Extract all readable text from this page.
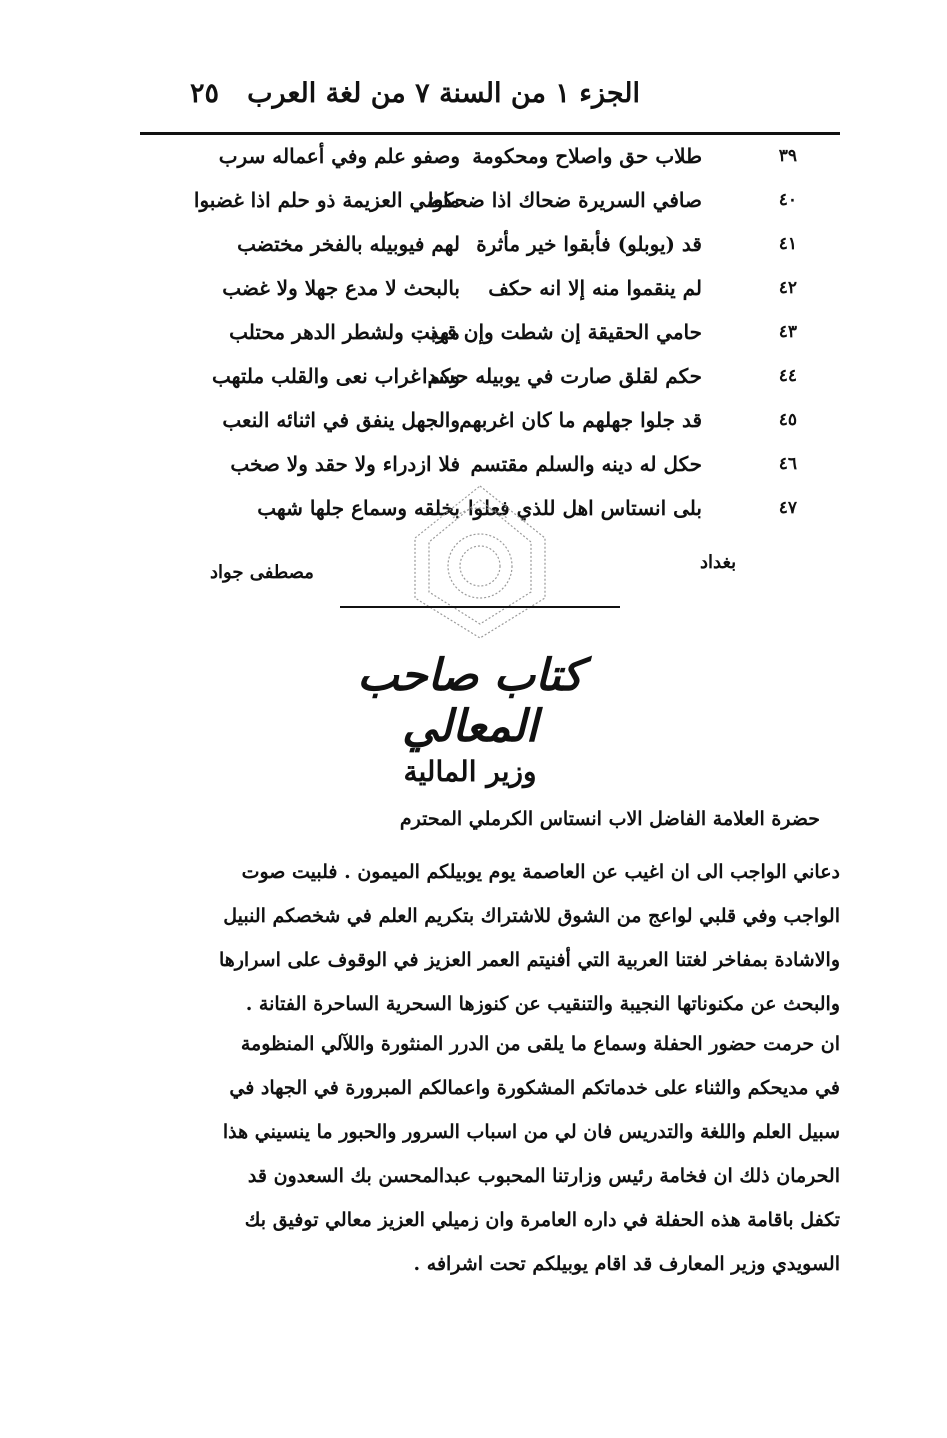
الجزء ١ من السنة ٧ من لغة العرب
٢٥
٣٩
طلاب حق واصلاح ومحكومة
وصفو علم وفي أعماله سرب
٤٠
صافي السريرة ضحاك اذا ضحكوا
ماضي العزيمة ذو حلم اذا غضبوا
٤١
قد (يوبلو) فأبقوا خير مأثرة
لهم فيوبيله بالفخر مختضب
٤٢
لم ينقموا منه إلا انه حكف
بالبحث لا مدع جهلا ولا غضب
٤٣
حامي الحقيقة إن شطت وإن قربت
مهذب ولشطر الدهر محتلب
٤٤
حكم لقلق صارت في يوبيله حسدا
وكم غراب نعى والقلب ملتهب
٤٥
قد جلوا جهلهم ما كان اغربهم
والجهل ينفق في اثنائه النعب
٤٦
حكل له دينه والسلم مقتسم
فلا ازدراء ولا حقد ولا صخب
٤٧
بلى انستاس اهل للذي فعلوا
بخلقه وسماع جلها شهب
بغداد
مصطفى جواد
كتاب صاحب المعالي
وزير المالية
حضرة العلامة الفاضل الاب انستاس الكرملي المحترم
دعاني الواجب الى ان اغيب عن العاصمة يوم يوبيلكم الميمون . فلبيت صوت
الواجب وفي قلبي لواعج من الشوق للاشتراك بتكريم العلم في شخصكم النبيل
والاشادة بمفاخر لغتنا العربية التي أفنيتم العمر العزيز في الوقوف على اسرارها
والبحث عن مكنوناتها النجيبة والتنقيب عن كنوزها السحرية الساحرة الفتانة .
ان حرمت حضور الحفلة وسماع ما يلقى من الدرر المنثورة واللآلي المنظومة
في مديحكم والثناء على خدماتكم المشكورة واعمالكم المبرورة في الجهاد في
سبيل العلم واللغة والتدريس فان لي من اسباب السرور والحبور ما ينسيني هذا
الحرمان ذلك ان فخامة رئيس وزارتنا المحبوب عبدالمحسن بك السعدون قد
تكفل باقامة هذه الحفلة في داره العامرة وان زميلي العزيز معالي توفيق بك
السويدي وزير المعارف قد اقام يوبيلكم تحت اشرافه .
